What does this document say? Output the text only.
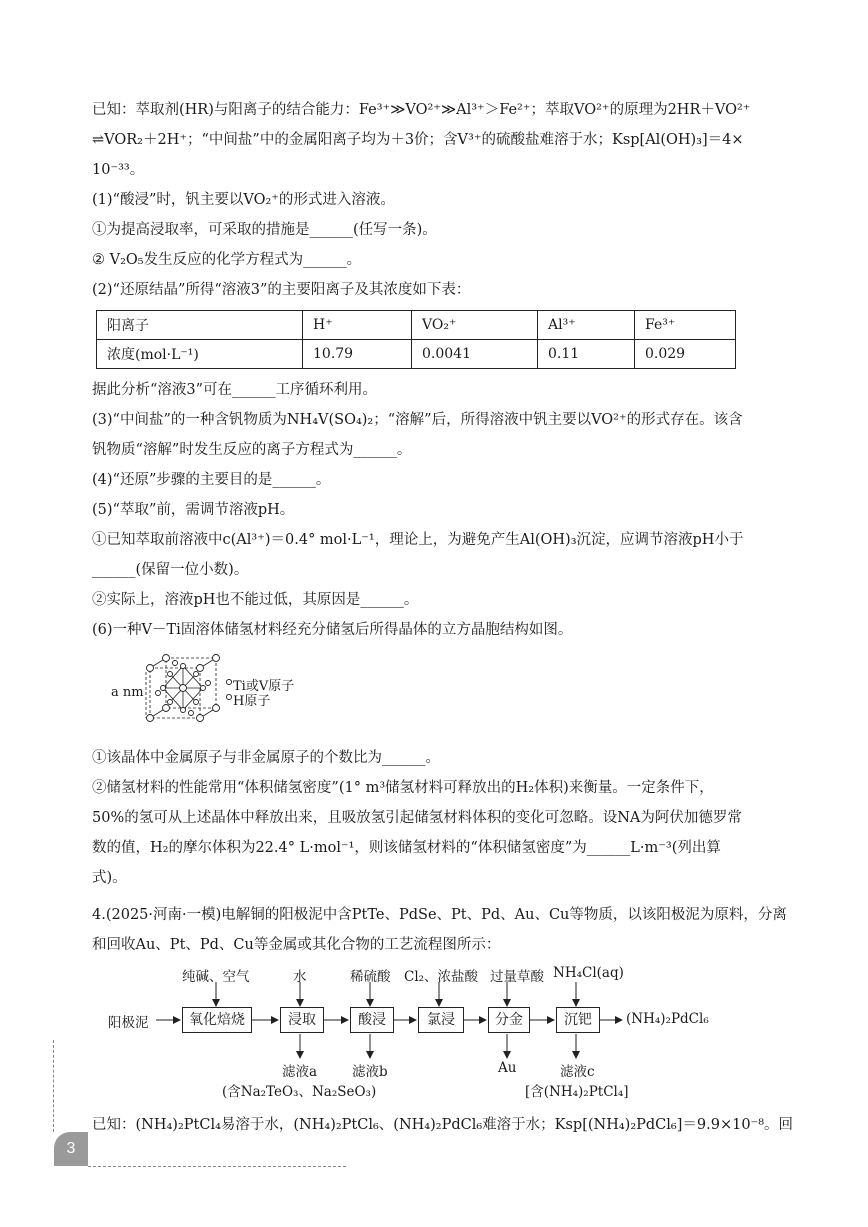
已知：萃取剂(HR)与阳离子的结合能力：Fe³⁺≫VO²⁺≫Al³⁺＞Fe²⁺；萃取VO²⁺的原理为2HR＋VO²⁺
⇌VOR₂＋2H⁺；“中间盐”中的金属阳离子均为＋3价；含V³⁺的硫酸盐难溶于水；Ksp[Al(OH)₃]＝4×
10⁻³³。
(1)“酸浸”时，钒主要以VO₂⁺的形式进入溶液。
①为提高浸取率，可采取的措施是______(任写一条)。
② V₂O₅发生反应的化学方程式为______。
(2)“还原结晶”所得“溶液3”的主要阳离子及其浓度如下表：
阳离子	H⁺	VO₂⁺	Al³⁺	Fe³⁺
浓度(mol·L⁻¹)	10.79	0.0041	0.11	0.029
据此分析“溶液3”可在______工序循环利用。
(3)“中间盐”的一种含钒物质为NH₄V(SO₄)₂；“溶解”后，所得溶液中钒主要以VO²⁺的形式存在。该含
钒物质“溶解”时发生反应的离子方程式为______。
(4)“还原”步骤的主要目的是______。
(5)“萃取”前，需调节溶液pH。
①已知萃取前溶液中c(Al³⁺)＝0.4° mol·L⁻¹，理论上，为避免产生Al(OH)₃沉淀，应调节溶液pH小于
______(保留一位小数)。
②实际上，溶液pH也不能过低，其原因是______。
(6)一种V－Ti固溶体储氢材料经充分储氢后所得晶体的立方晶胞结构如图。
a nm	Ti或V原子
H原子
①该晶体中金属原子与非金属原子的个数比为______。
②储氢材料的性能常用“体积储氢密度”(1° m³储氢材料可释放出的H₂体积)来衡量。一定条件下，
50%的氢可从上述晶体中释放出来，且吸放氢引起储氢材料体积的变化可忽略。设NA为阿伏加德罗常
数的值，H₂的摩尔体积为22.4° L·mol⁻¹，则该储氢材料的“体积储氢密度”为______L·m⁻³(列出算
式)。
4.(2025·河南·一模)电解铜的阳极泥中含PtTe、PdSe、Pt、Pd、Au、Cu等物质，以该阳极泥为原料，分离
和回收Au、Pt、Pd、Cu等金属或其化合物的工艺流程图所示：
阳极泥	氧化焙烧	浸取	酸浸	氯浸	分金	沉钯	(NH₄)₂PdCl₆
纯碱、空气	水	稀硫酸 Cl₂、浓盐酸 过量草酸 NH₄Cl(aq)
滤液a	滤液b	Au	滤液c
(含Na₂TeO₃、Na₂SeO₃)	[含(NH₄)₂PtCl₄]
已知：(NH₄)₂PtCl₄易溶于水，(NH₄)₂PtCl₆、(NH₄)₂PdCl₆难溶于水；Ksp[(NH₄)₂PdCl₆]＝9.9×10⁻⁸。回
3
